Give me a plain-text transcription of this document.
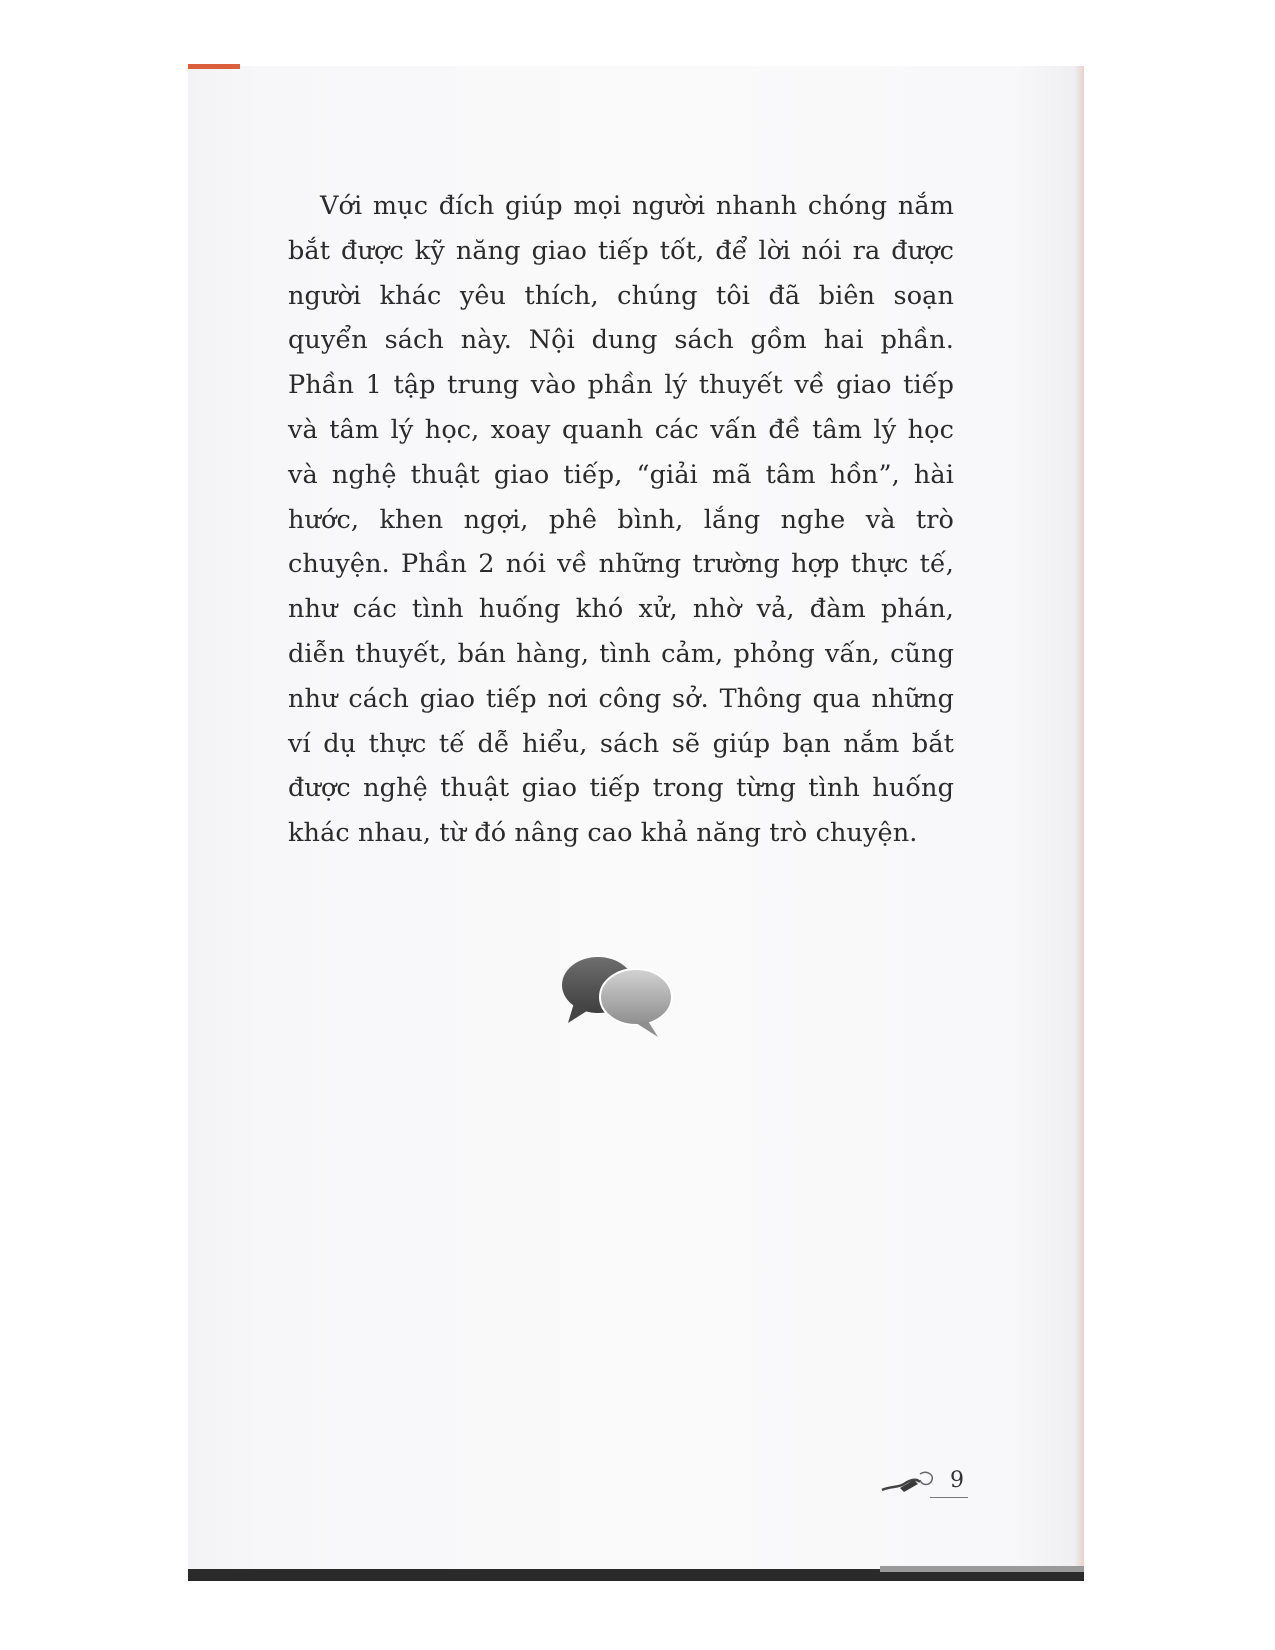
Với mục đích giúp mọi người nhanh chóng nắm bắt được kỹ năng giao tiếp tốt, để lời nói ra được người khác yêu thích, chúng tôi đã biên soạn quyển sách này. Nội dung sách gồm hai phần. Phần 1 tập trung vào phần lý thuyết về giao tiếp và tâm lý học, xoay quanh các vấn đề tâm lý học và nghệ thuật giao tiếp, “giải mã tâm hồn”, hài hước, khen ngợi, phê bình, lắng nghe và trò chuyện. Phần 2 nói về những trường hợp thực tế, như các tình huống khó xử, nhờ vả, đàm phán, diễn thuyết, bán hàng, tình cảm, phỏng vấn, cũng như cách giao tiếp nơi công sở. Thông qua những ví dụ thực tế dễ hiểu, sách sẽ giúp bạn nắm bắt được nghệ thuật giao tiếp trong từng tình huống khác nhau, từ đó nâng cao khả năng trò chuyện.

9
